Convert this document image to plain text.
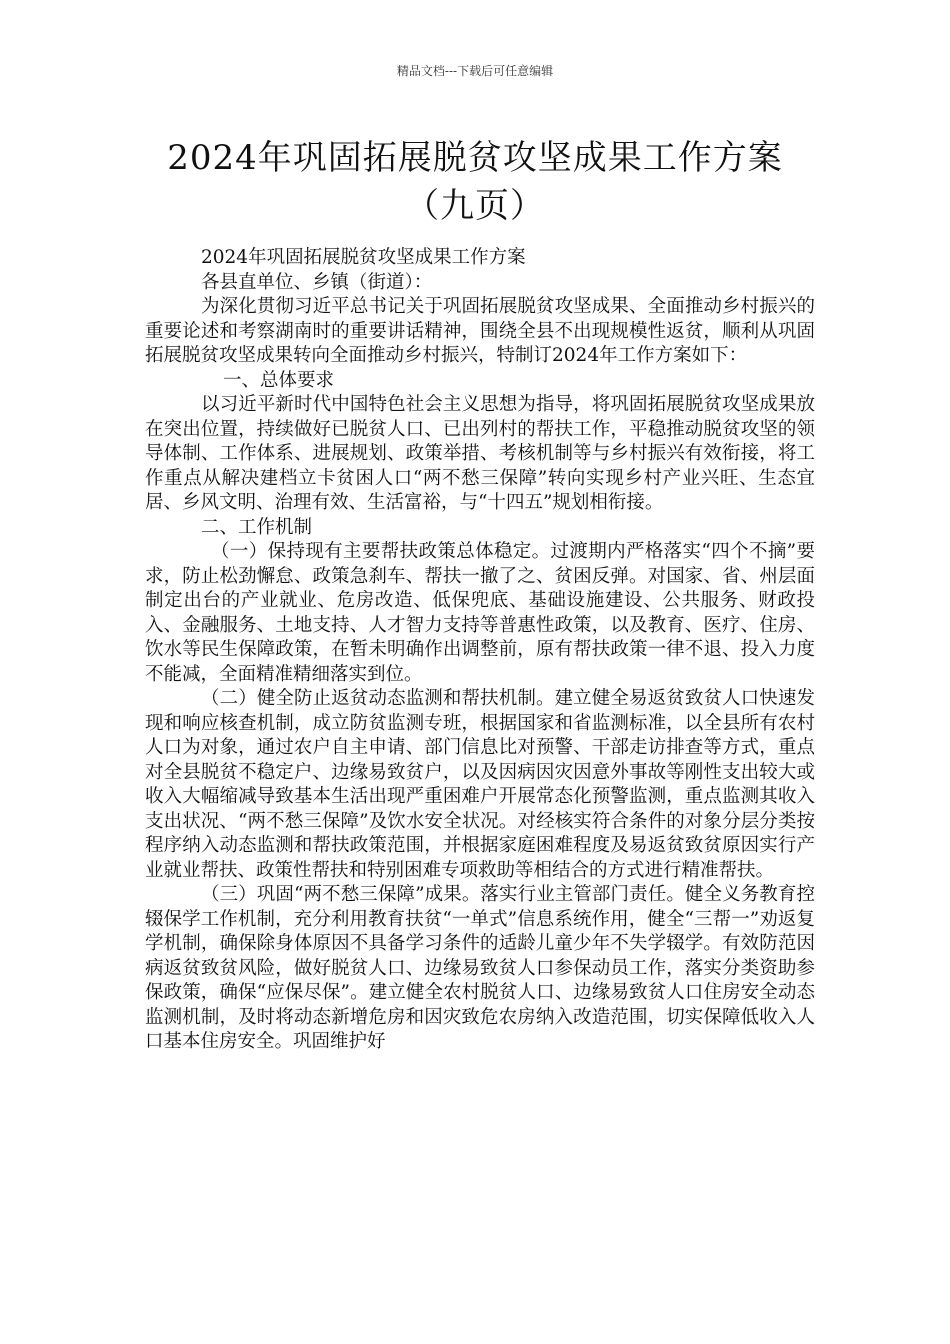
精品文档---下载后可任意编辑
2024年巩固拓展脱贫攻坚成果工作方案
（九页）

2024年巩固拓展脱贫攻坚成果工作方案

各县直单位、乡镇（街道）：

为深化贯彻习近平总书记关于巩固拓展脱贫攻坚成果、全面推动乡村振兴的重要论述和考察湖南时的重要讲话精神，围绕全县不出现规模性返贫，顺利从巩固拓展脱贫攻坚成果转向全面推动乡村振兴，特制订2024年工作方案如下：

一、总体要求

以习近平新时代中国特色社会主义思想为指导，将巩固拓展脱贫攻坚成果放在突出位置，持续做好已脱贫人口、已出列村的帮扶工作，平稳推动脱贫攻坚的领导体制、工作体系、进展规划、政策举措、考核机制等与乡村振兴有效衔接，将工作重点从解决建档立卡贫困人口“两不愁三保障”转向实现乡村产业兴旺、生态宜居、乡风文明、治理有效、生活富裕，与“十四五”规划相衔接。

二、工作机制

（一）保持现有主要帮扶政策总体稳定。过渡期内严格落实“四个不摘”要求，防止松劲懈怠、政策急刹车、帮扶一撤了之、贫困反弹。对国家、省、州层面制定出台的产业就业、危房改造、低保兜底、基础设施建设、公共服务、财政投入、金融服务、土地支持、人才智力支持等普惠性政策，以及教育、医疗、住房、饮水等民生保障政策，在暂未明确作出调整前，原有帮扶政策一律不退、投入力度不能减，全面精准精细落实到位。

（二）健全防止返贫动态监测和帮扶机制。建立健全易返贫致贫人口快速发现和响应核查机制，成立防贫监测专班，根据国家和省监测标准，以全县所有农村人口为对象，通过农户自主申请、部门信息比对预警、干部走访排查等方式，重点对全县脱贫不稳定户、边缘易致贫户，以及因病因灾因意外事故等刚性支出较大或收入大幅缩减导致基本生活出现严重困难户开展常态化预警监测，重点监测其收入支出状况、“两不愁三保障”及饮水安全状况。对经核实符合条件的对象分层分类按程序纳入动态监测和帮扶政策范围，并根据家庭困难程度及易返贫致贫原因实行产业就业帮扶、政策性帮扶和特别困难专项救助等相结合的方式进行精准帮扶。

（三）巩固“两不愁三保障”成果。落实行业主管部门责任。健全义务教育控辍保学工作机制，充分利用教育扶贫“一单式”信息系统作用，健全“三帮一”劝返复学机制，确保除身体原因不具备学习条件的适龄儿童少年不失学辍学。有效防范因病返贫致贫风险，做好脱贫人口、边缘易致贫人口参保动员工作，落实分类资助参保政策，确保“应保尽保”。建立健全农村脱贫人口、边缘易致贫人口住房安全动态监测机制，及时将动态新增危房和因灾致危农房纳入改造范围，切实保障低收入人口基本住房安全。巩固维护好
